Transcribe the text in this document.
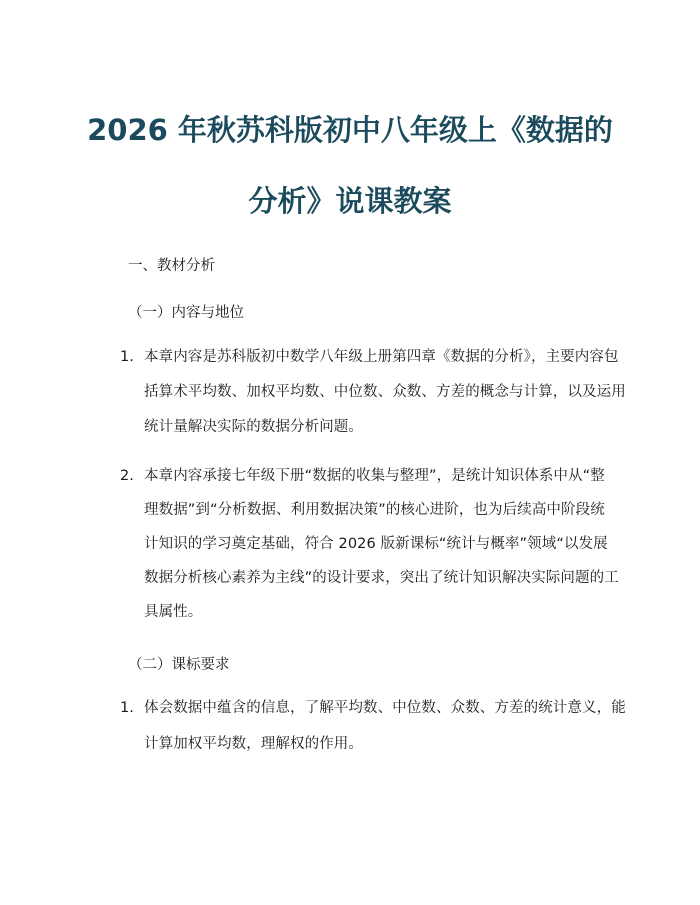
2026 年秋苏科版初中八年级上《数据的
分析》说课教案
一、教材分析
（一）内容与地位
1. 本章内容是苏科版初中数学八年级上册第四章《数据的分析》，主要内容包
括算术平均数、加权平均数、中位数、众数、方差的概念与计算，以及运用
统计量解决实际的数据分析问题。
2. 本章内容承接七年级下册“数据的收集与整理”，是统计知识体系中从“整
理数据”到“分析数据、利用数据决策”的核心进阶，也为后续高中阶段统
计知识的学习奠定基础，符合 2026 版新课标“统计与概率”领域“以发展
数据分析核心素养为主线”的设计要求，突出了统计知识解决实际问题的工
具属性。
（二）课标要求
1. 体会数据中蕴含的信息，了解平均数、中位数、众数、方差的统计意义，能
计算加权平均数，理解权的作用。
